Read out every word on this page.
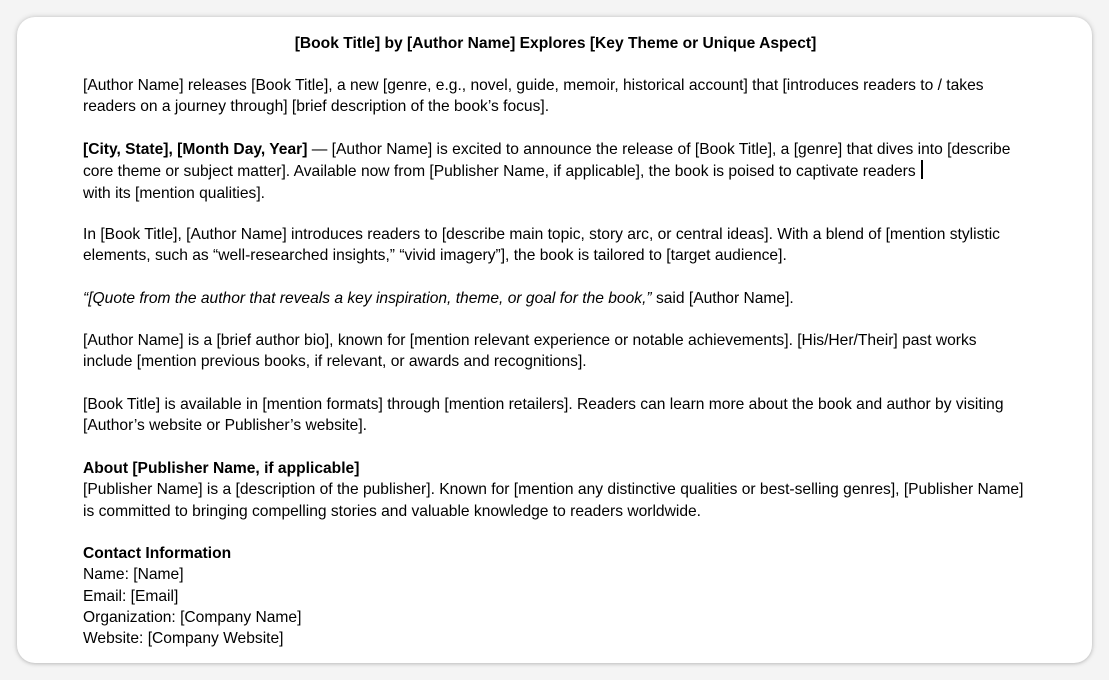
[Book Title] by [Author Name] Explores [Key Theme or Unique Aspect]

[Author Name] releases [Book Title], a new [genre, e.g., novel, guide, memoir, historical account] that [introduces readers to / takes readers on a journey through] [brief description of the book’s focus].

[City, State], [Month Day, Year] — [Author Name] is excited to announce the release of [Book Title], a [genre] that dives into [describe core theme or subject matter]. Available now from [Publisher Name, if applicable], the book is poised to captivate readers
with its [mention qualities].

In [Book Title], [Author Name] introduces readers to [describe main topic, story arc, or central ideas]. With a blend of [mention stylistic elements, such as “well-researched insights,” “vivid imagery”], the book is tailored to [target audience].

“[Quote from the author that reveals a key inspiration, theme, or goal for the book,” said [Author Name].

[Author Name] is a [brief author bio], known for [mention relevant experience or notable achievements]. [His/Her/Their] past works include [mention previous books, if relevant, or awards and recognitions].

[Book Title] is available in [mention formats] through [mention retailers]. Readers can learn more about the book and author by visiting [Author’s website or Publisher’s website].

About [Publisher Name, if applicable]
[Publisher Name] is a [description of the publisher]. Known for [mention any distinctive qualities or best-selling genres], [Publisher Name] is committed to bringing compelling stories and valuable knowledge to readers worldwide.

Contact Information
Name: [Name]
Email: [Email]
Organization: [Company Name]
Website: [Company Website]
